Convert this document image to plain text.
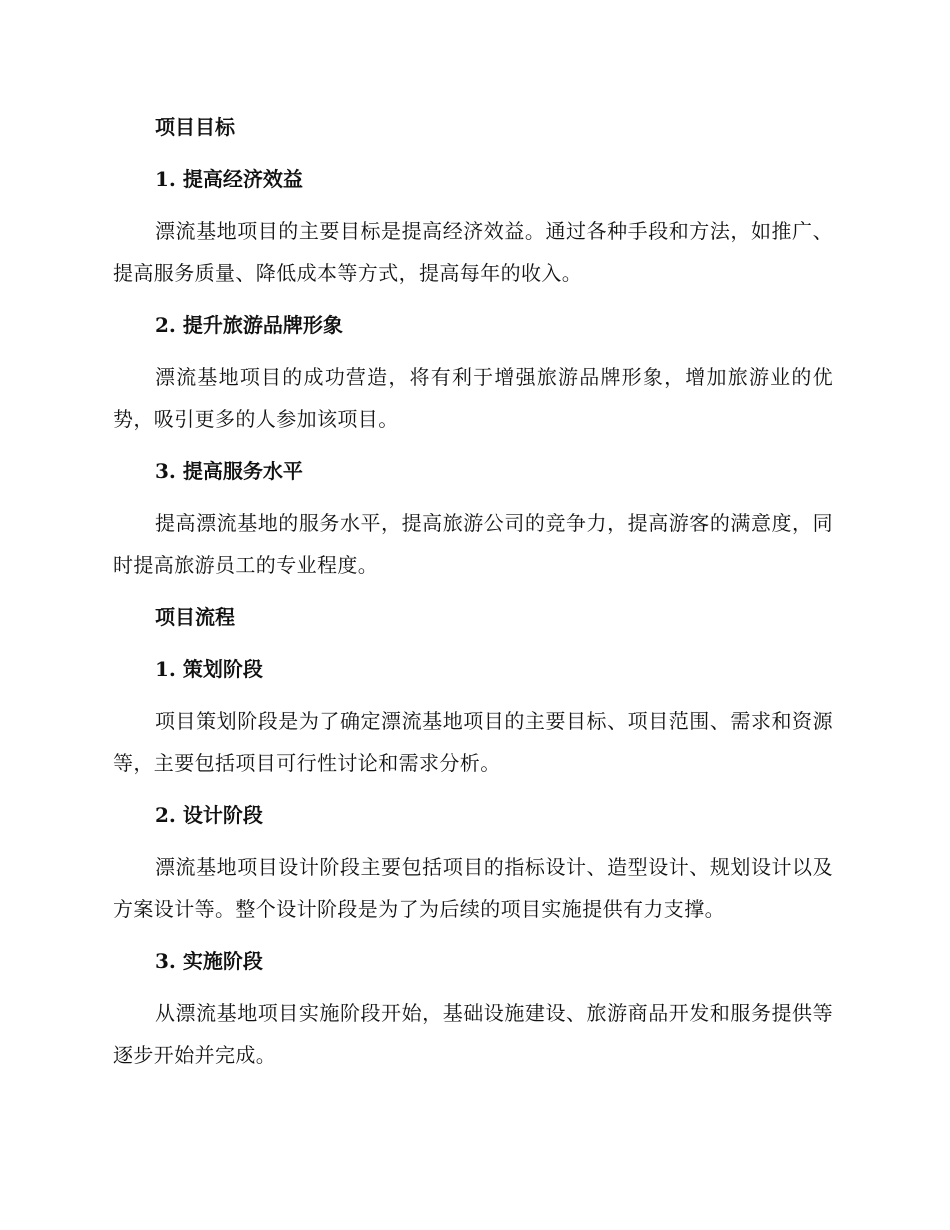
项目目标
1. 提高经济效益

漂流基地项目的主要目标是提高经济效益。通过各种手段和方法，如推广、提高服务质量、降低成本等方式，提高每年的收入。

2. 提升旅游品牌形象

漂流基地项目的成功营造，将有利于增强旅游品牌形象，增加旅游业的优势，吸引更多的人参加该项目。

3. 提高服务水平

提高漂流基地的服务水平，提高旅游公司的竞争力，提高游客的满意度，同时提高旅游员工的专业程度。

项目流程
1. 策划阶段

项目策划阶段是为了确定漂流基地项目的主要目标、项目范围、需求和资源等，主要包括项目可行性讨论和需求分析。

2. 设计阶段

漂流基地项目设计阶段主要包括项目的指标设计、造型设计、规划设计以及方案设计等。整个设计阶段是为了为后续的项目实施提供有力支撑。

3. 实施阶段

从漂流基地项目实施阶段开始，基础设施建设、旅游商品开发和服务提供等逐步开始并完成。
